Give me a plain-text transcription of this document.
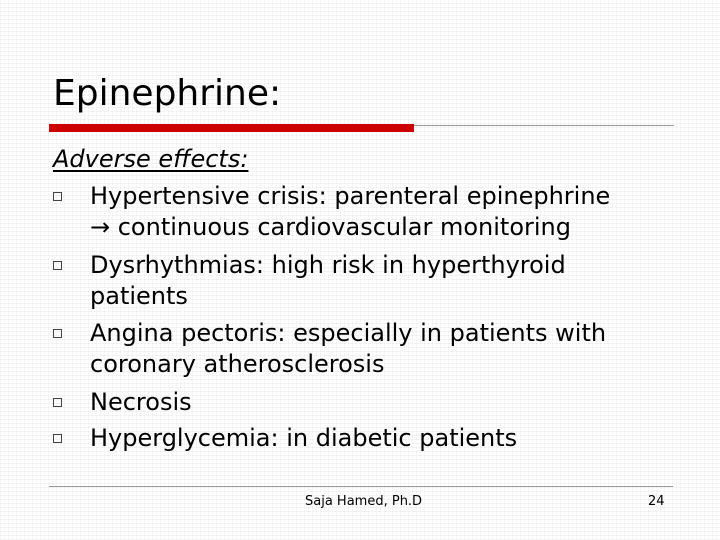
Epinephrine:
Adverse effects:
Hypertensive crisis: parenteral epinephrine
→ continuous cardiovascular monitoring
Dysrhythmias: high risk in hyperthyroid
patients
Angina pectoris: especially in patients with
coronary atherosclerosis
Necrosis
Hyperglycemia: in diabetic patients
Saja Hamed, Ph.D	24
